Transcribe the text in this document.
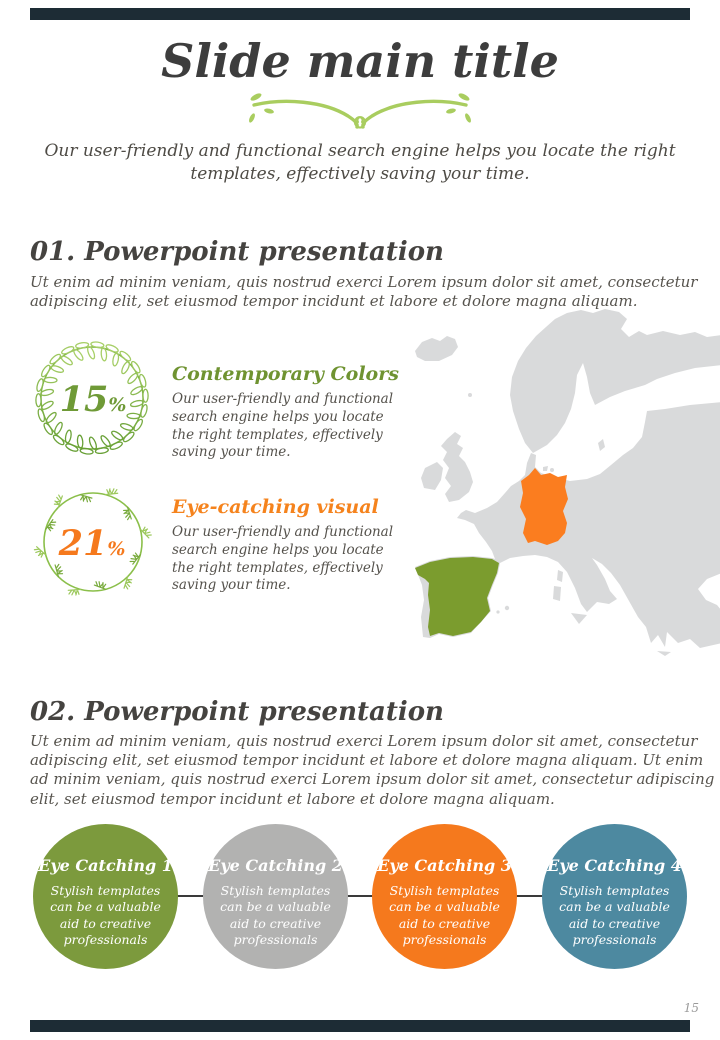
Slide main title
Our user-friendly and functional search engine helps you locate the right templates, effectively saving your time.
01. Powerpoint presentation
Ut enim ad minim veniam, quis nostrud exerci Lorem ipsum dolor sit amet, consectetur adipiscing elit, set eiusmod tempor incidunt et labore et dolore magna aliquam.
15%
Contemporary Colors
Our user-friendly and functional search engine helps you locate the right templates, effectively saving your time.
21%
Eye-catching visual
Our user-friendly and functional search engine helps you locate the right templates, effectively saving your time.
02. Powerpoint presentation
Ut enim ad minim veniam, quis nostrud exerci Lorem ipsum dolor sit amet, consectetur adipiscing elit, set eiusmod tempor incidunt et labore et dolore magna aliquam. Ut enim ad minim veniam, quis nostrud exerci Lorem ipsum dolor sit amet, consectetur adipiscing elit, set eiusmod tempor incidunt et labore et dolore magna aliquam.
Eye Catching 1
Stylish templates can be a valuable aid to creative professionals
Eye Catching 2
Stylish templates can be a valuable aid to creative professionals
Eye Catching 3
Stylish templates can be a valuable aid to creative professionals
Eye Catching 4
Stylish templates can be a valuable aid to creative professionals
15
